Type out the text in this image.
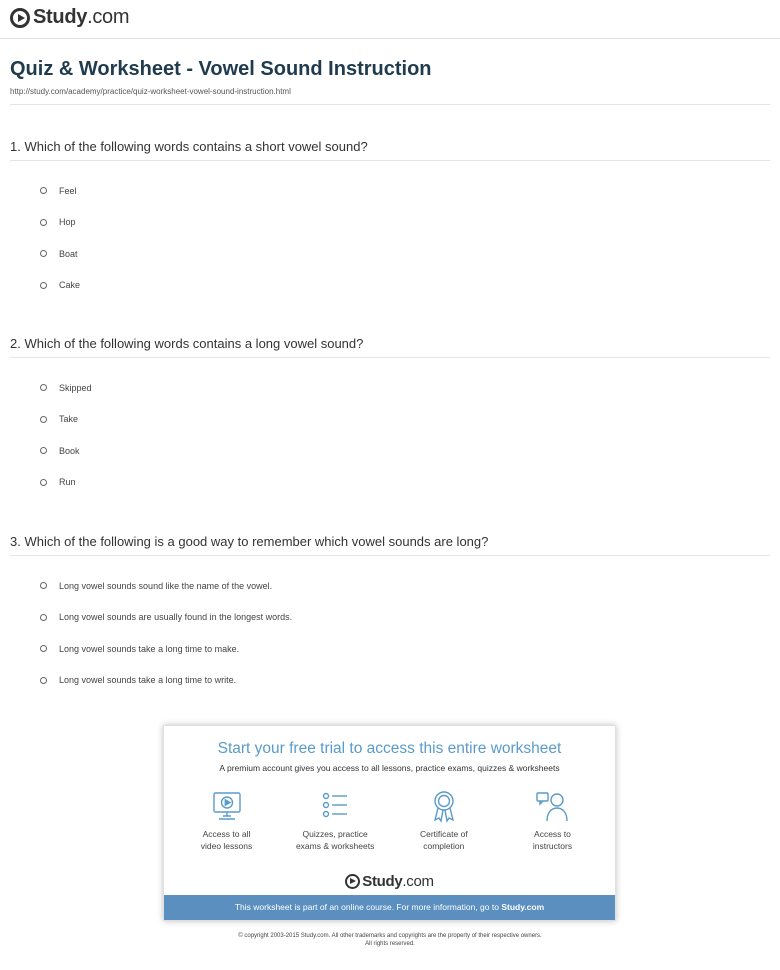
Study.com
Quiz & Worksheet - Vowel Sound Instruction
http://study.com/academy/practice/quiz-worksheet-vowel-sound-instruction.html
1. Which of the following words contains a short vowel sound?
Feel
Hop
Boat
Cake
2. Which of the following words contains a long vowel sound?
Skipped
Take
Book
Run
3. Which of the following is a good way to remember which vowel sounds are long?
Long vowel sounds sound like the name of the vowel.
Long vowel sounds are usually found in the longest words.
Long vowel sounds take a long time to make.
Long vowel sounds take a long time to write.
Start your free trial to access this entire worksheet
A premium account gives you access to all lessons, practice exams, quizzes & worksheets
Access to all
video lessons
Quizzes, practice
exams & worksheets
Certificate of
completion
Access to
instructors
Study.com
This worksheet is part of an online course. For more information, go to Study.com
© copyright 2003-2015 Study.com. All other trademarks and copyrights are the property of their respective owners.
All rights reserved.
